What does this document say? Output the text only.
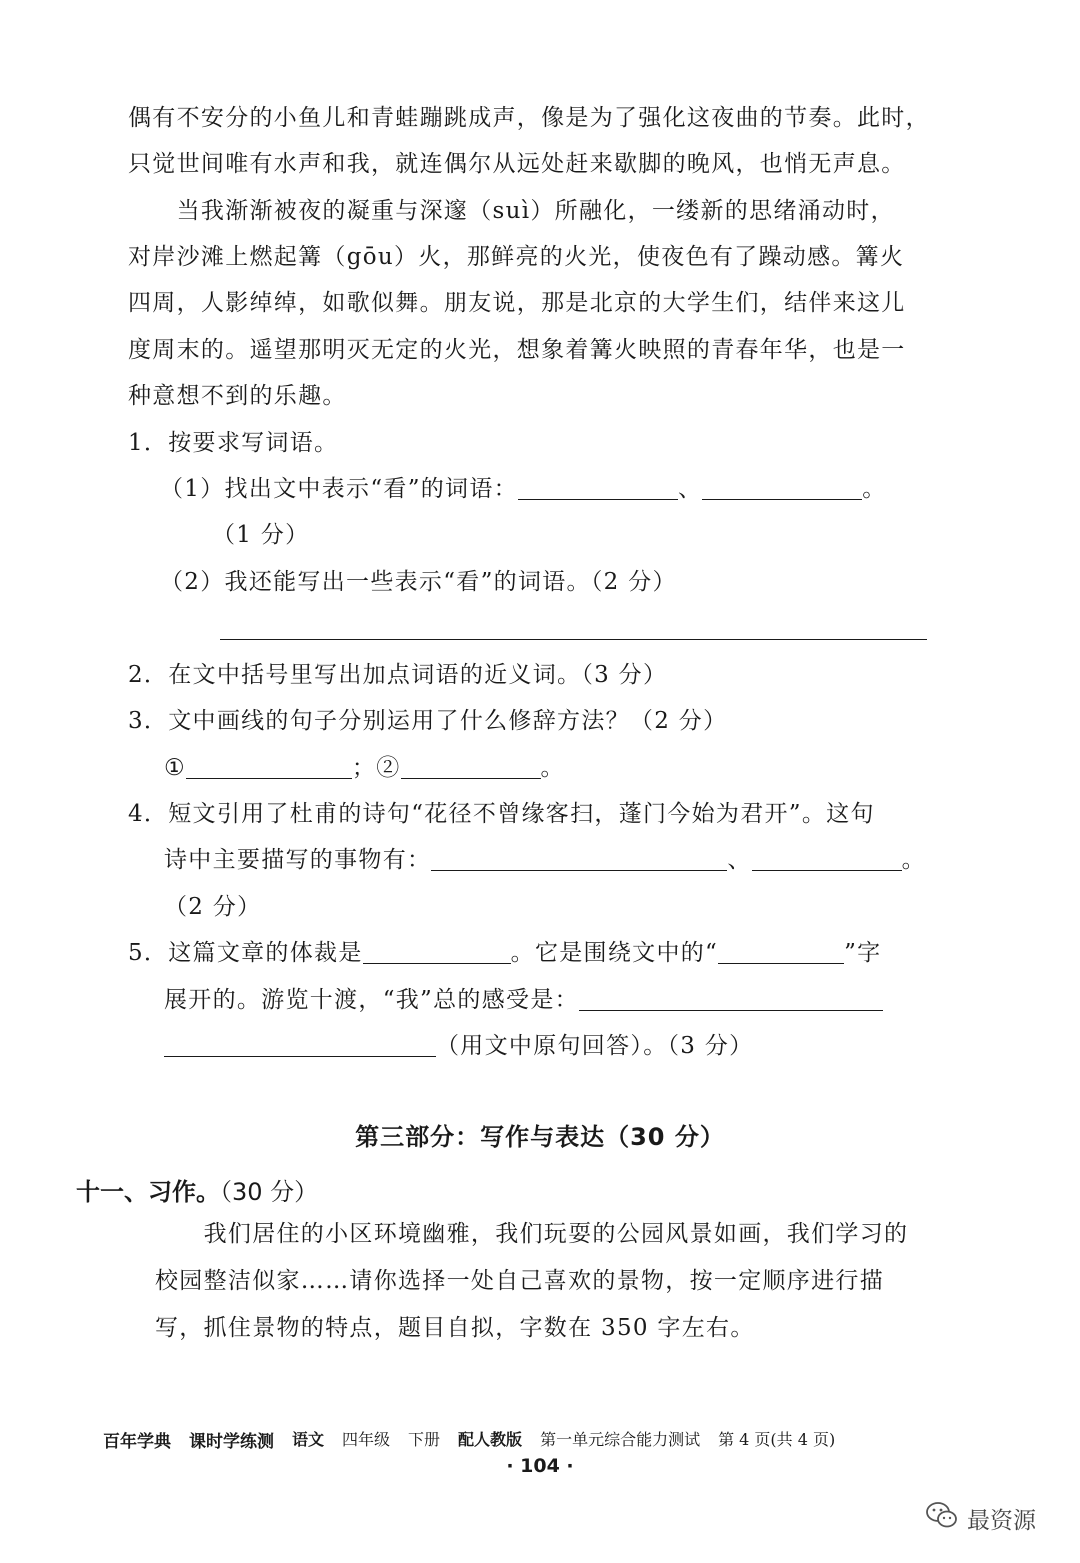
偶有不安分的小鱼儿和青蛙蹦跳成声，像是为了强化这夜曲的节奏。此时，
只觉世间唯有水声和我，就连偶尔从远处赶来歇脚的晚风，也悄无声息。
　　当我渐渐被夜的凝重与深邃（suì）所融化，一缕新的思绪涌动时，
对岸沙滩上燃起篝（gōu）火，那鲜亮的火光，使夜色有了躁动感。篝火
四周，人影绰绰，如歌似舞。朋友说，那是北京的大学生们，结伴来这儿
度周末的。遥望那明灭无定的火光，想象着篝火映照的青春年华，也是一
种意想不到的乐趣。
1．按要求写词语。
（1）找出文中表示“看”的词语：	、	。
（1 分）
（2）我还能写出一些表示“看”的词语。（2 分）
2．在文中括号里写出加点词语的近义词。（3 分）
3．文中画线的句子分别运用了什么修辞方法？（2 分）
①	；②	。
4．短文引用了杜甫的诗句“花径不曾缘客扫，蓬门今始为君开”。这句
诗中主要描写的事物有：	、	。
（2 分）
5．这篇文章的体裁是	。它是围绕文中的“	”字
展开的。游览十渡，“我”总的感受是：
（用文中原句回答）。（3 分）
第三部分：写作与表达（30 分）
十一、习作。（30 分）
　　我们居住的小区环境幽雅，我们玩耍的公园风景如画，我们学习的
校园整洁似家……请你选择一处自己喜欢的景物，按一定顺序进行描
写，抓住景物的特点，题目自拟，字数在 350 字左右。
百年学典 课时学练测 语文 四年级 下册 配人教版 第一单元综合能力测试 第 4 页(共 4 页)
· 104 ·
最资源
